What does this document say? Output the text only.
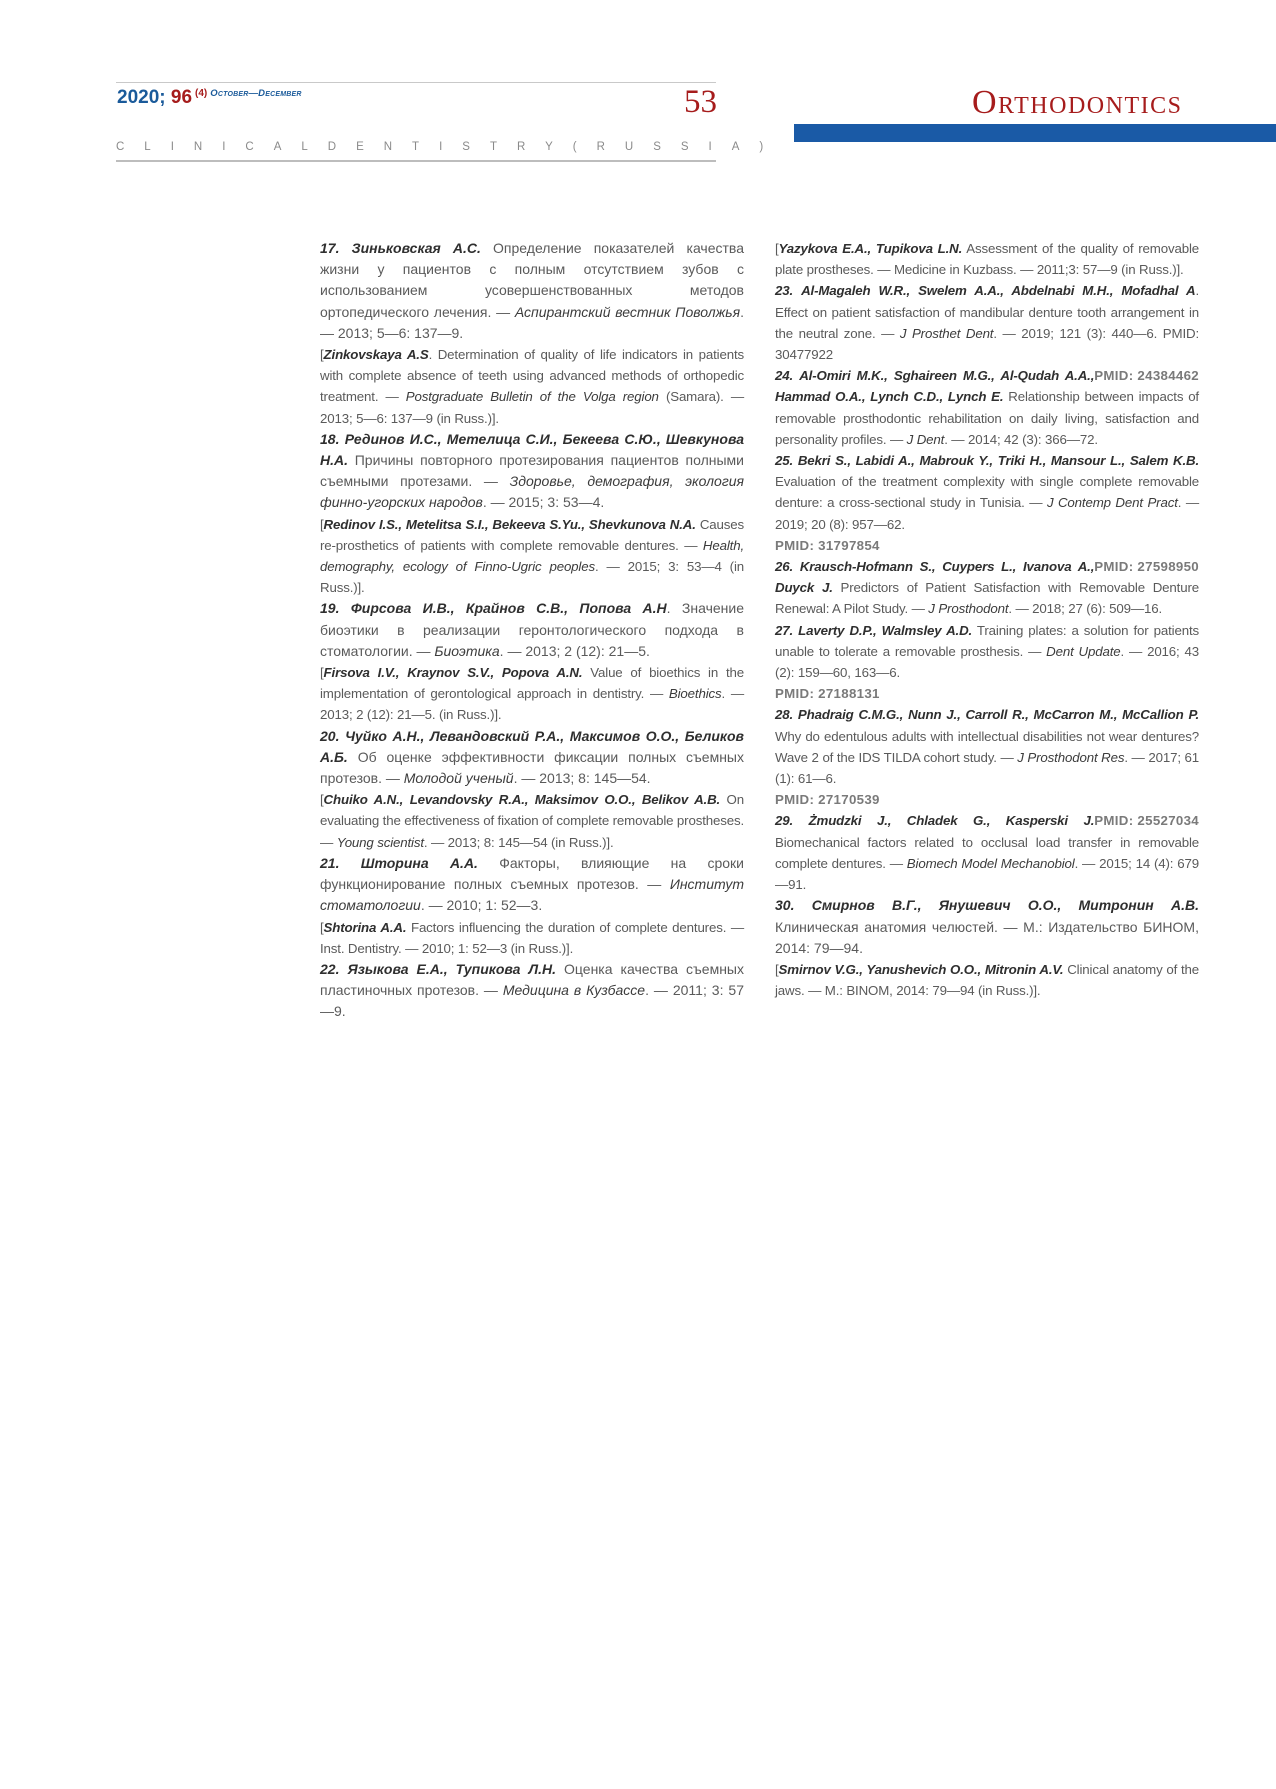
2020; 96 $^{(4)}$ $^{October—December}$	53	Orthodontics
CLINICAL DENTISTRY (RUSSIA)

17. Зиньковская А.С. Определение показателей качества жизни у пациентов с полным отсутствием зубов с использованием усовершенствованных методов ортопедического лечения. — Аспирантский вестник Поволжья. — 2013; 5—6: 137—9.

[Zinkovskaya A.S. Determination of quality of life indicators in patients with complete absence of teeth using advanced methods of orthopedic treatment. — Postgraduate Bulletin of the Volga region (Samara). — 2013; 5—6: 137—9 (in Russ.)].

18. Рединов И.С., Метелица С.И., Бекеева С.Ю., Шевкунова Н.А. Причины повторного протезирования пациентов полными съемными протезами. — Здоровье, демография, экология финно-угорских народов. — 2015; 3: 53—4.

[Redinov I.S., Metelitsa S.I., Bekeeva S.Yu., Shevkunova N.A. Causes re-prosthetics of patients with complete removable dentures. — Health, demography, ecology of Finno-Ugric peoples. — 2015; 3: 53—4 (in Russ.)].

19. Фирсова И.В., Крайнов С.В., Попова А.Н. Значение биоэтики в реализации геронтологического подхода в стоматологии. — Биоэтика. — 2013; 2 (12): 21—5.

[Firsova I.V., Kraynov S.V., Popova A.N. Value of bioethics in the implementation of gerontological approach in dentistry. — Bioethics. — 2013; 2 (12): 21—5. (in Russ.)].

20. Чуйко А.Н., Левандовский Р.А., Максимов О.О., Беликов А.Б. Об оценке эффективности фиксации полных съемных протезов. — Молодой ученый. — 2013; 8: 145—54.

[Chuiko A.N., Levandovsky R.A., Maksimov O.O., Belikov A.B. On evaluating the effectiveness of fixation of complete removable prostheses. — Young scientist. — 2013; 8: 145—54 (in Russ.)].

21. Шторина А.А. Факторы, влияющие на сроки функционирование полных съемных протезов. — Институт стоматологии. — 2010; 1: 52—3.

[Shtorina A.A. Factors influencing the duration of complete dentures. — Inst. Dentistry. — 2010; 1: 52—3 (in Russ.)].

22. Языкова Е.А., Тупикова Л.Н. Оценка качества съемных пластиночных протезов. — Медицина в Кузбассе. — 2011; 3: 57—9.

[Yazykova E.A., Tupikova L.N. Assessment of the quality of removable plate prostheses. — Medicine in Kuzbass. — 2011;3: 57—9 (in Russ.)].

23. Al-Magaleh W.R., Swelem A.A., Abdelnabi M.H., Mofadhal A. Effect on patient satisfaction of mandibular denture tooth arrangement in the neutral zone. — J Prosthet Dent. — 2019; 121 (3): 440—6. PMID: 30477922

PMID: 24384462
24. Al-Omiri M.K., Sghaireen M.G., Al-Qudah A.A., Hammad O.A., Lynch C.D., Lynch E. Relationship between impacts of removable prosthodontic rehabilitation on daily living, satisfaction and personality profiles. — J Dent. — 2014; 42 (3): 366—72.

25. Bekri S., Labidi A., Mabrouk Y., Triki H., Mansour L., Salem K.B. Evaluation of the treatment complexity with single complete removable denture: a cross-sectional study in Tunisia. — J Contemp Dent Pract. — 2019; 20 (8): 957—62.
PMID: 31797854

PMID: 27598950
26. Krausch-Hofmann S., Cuypers L., Ivanova A., Duyck J. Predictors of Patient Satisfaction with Removable Denture Renewal: A Pilot Study. — J Prosthodont. — 2018; 27 (6): 509—16.

27. Laverty D.P., Walmsley A.D. Training plates: a solution for patients unable to tolerate a removable prosthesis. — Dent Update. — 2016; 43 (2): 159—60, 163—6.
PMID: 27188131

28. Phadraig C.M.G., Nunn J., Carroll R., McCarron M., McCallion P. Why do edentulous adults with intellectual disabilities not wear dentures? Wave 2 of the IDS TILDA cohort study. — J Prosthodont Res. — 2017; 61 (1): 61—6.
PMID: 27170539

PMID: 25527034
29. Żmudzki J., Chladek G., Kasperski J. Biomechanical factors related to occlusal load transfer in removable complete dentures. — Biomech Model Mechanobiol. — 2015; 14 (4): 679—91.

30. Смирнов В.Г., Янушевич О.О., Митронин А.В. Клиническая анатомия челюстей. — М.: Издательство БИНОМ, 2014: 79—94.

[Smirnov V.G., Yanushevich O.O., Mitronin A.V. Clinical anatomy of the jaws. — M.: BINOM, 2014: 79—94 (in Russ.)].
